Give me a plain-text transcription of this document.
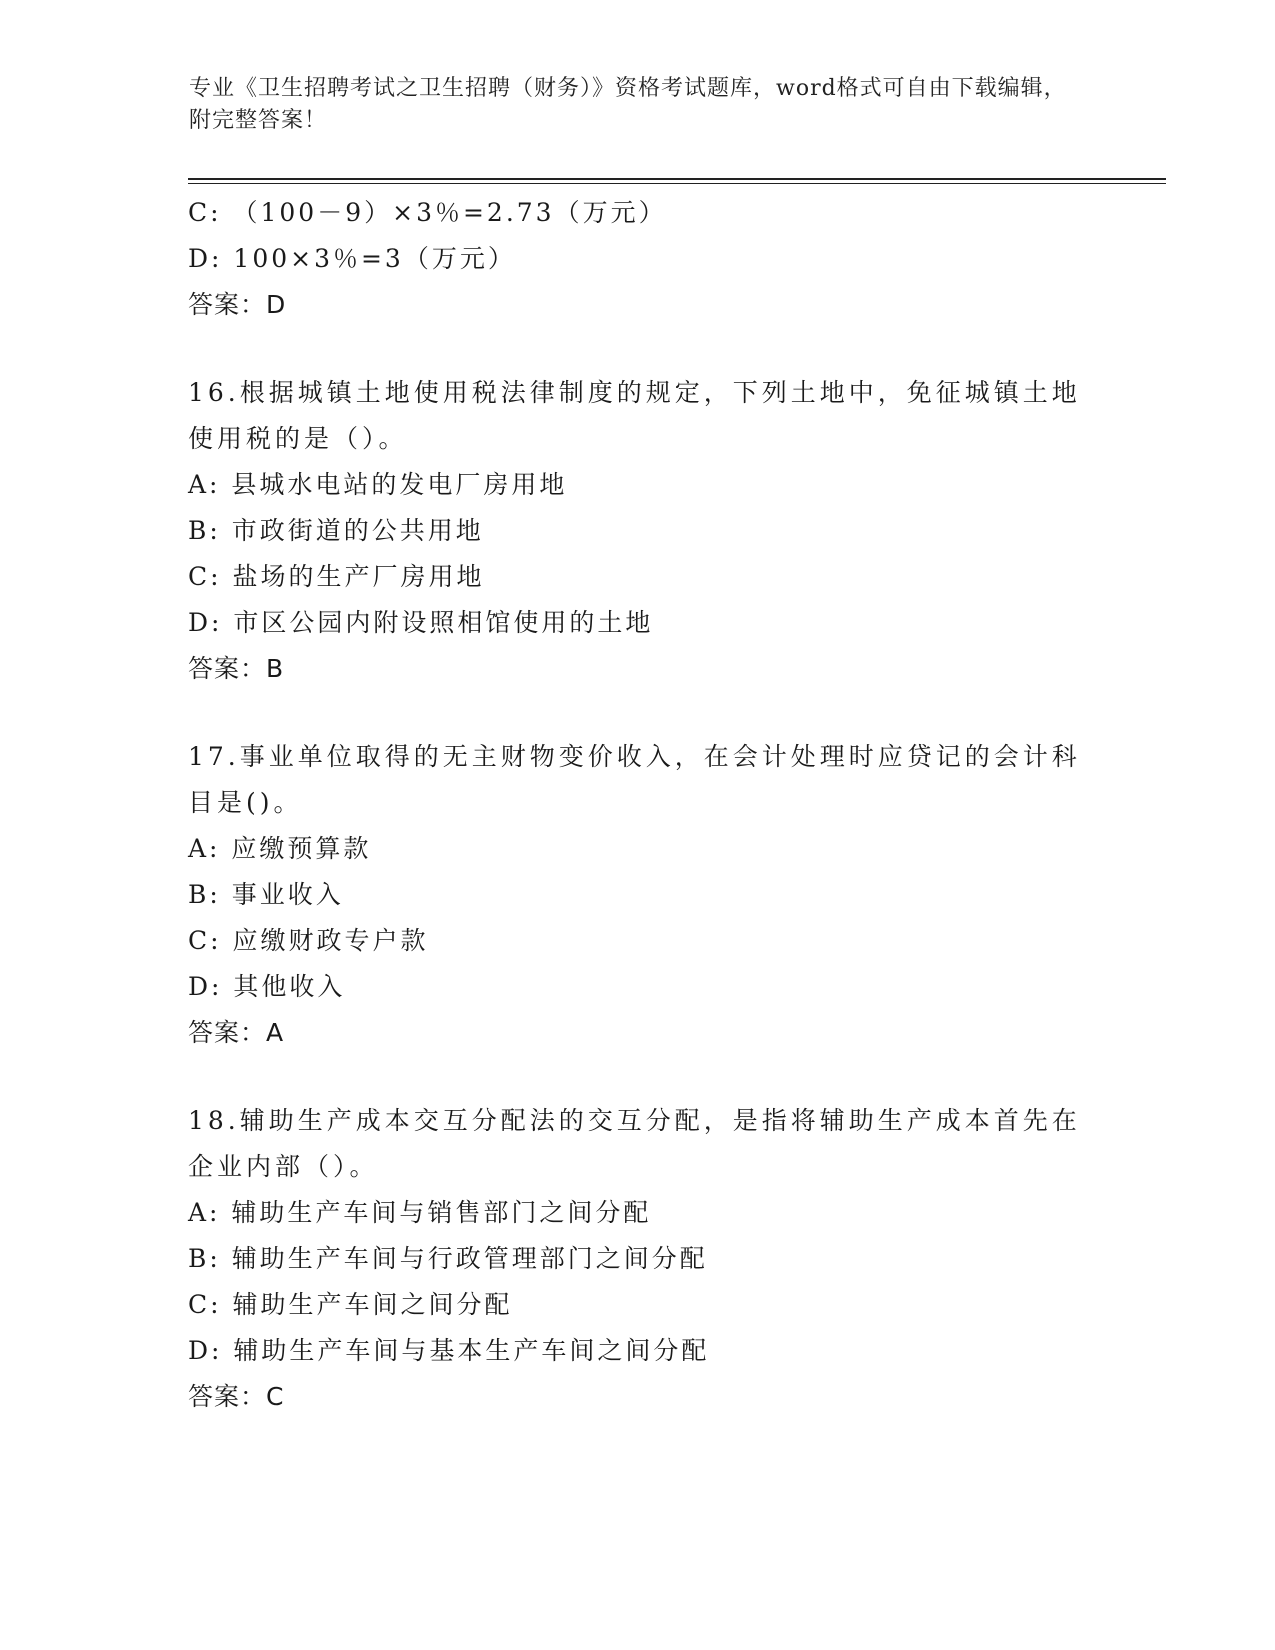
专业《卫生招聘考试之卫生招聘（财务）》资格考试题库，word格式可自由下载编辑，附完整答案！
C: （100－9）×3％=2.73（万元）
D: 100×3％=3（万元）
答案：D
16.根据城镇土地使用税法律制度的规定，下列土地中，免征城镇土地使用税的是（）。
A: 县城水电站的发电厂房用地
B: 市政街道的公共用地
C: 盐场的生产厂房用地
D: 市区公园内附设照相馆使用的土地
答案：B
17.事业单位取得的无主财物变价收入，在会计处理时应贷记的会计科目是()。
A: 应缴预算款
B: 事业收入
C: 应缴财政专户款
D: 其他收入
答案：A
18.辅助生产成本交互分配法的交互分配，是指将辅助生产成本首先在企业内部（）。
A: 辅助生产车间与销售部门之间分配
B: 辅助生产车间与行政管理部门之间分配
C: 辅助生产车间之间分配
D: 辅助生产车间与基本生产车间之间分配
答案：C
